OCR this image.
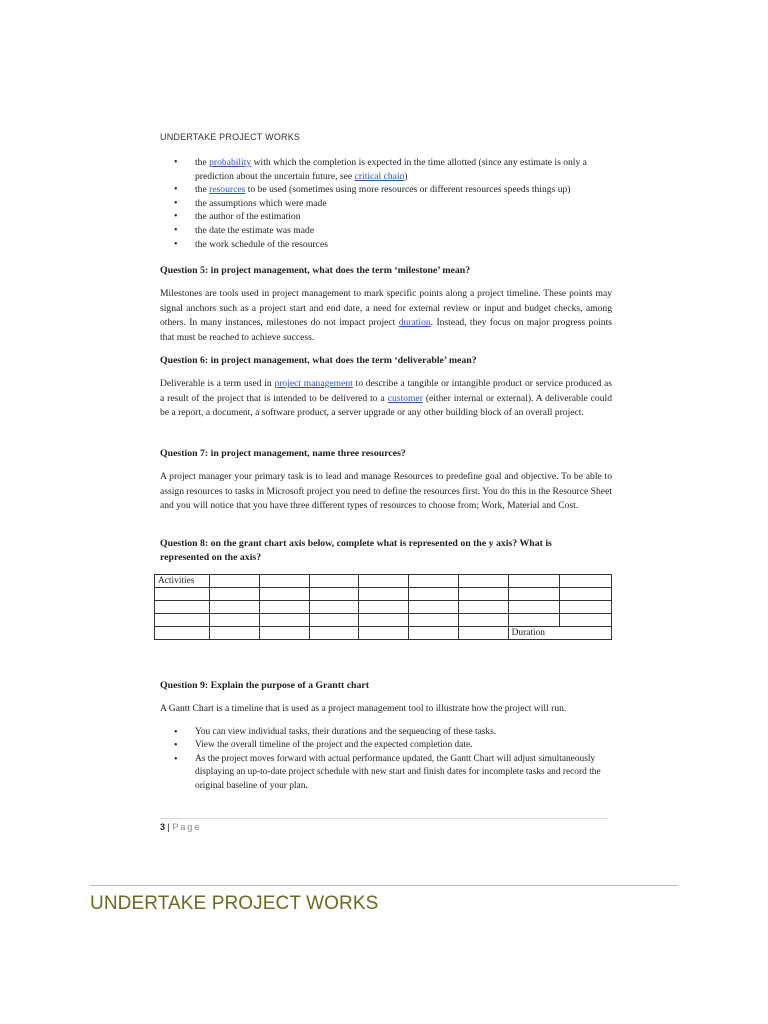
UNDERTAKE PROJECT WORKS
• the probability with which the completion is expected in the time allotted (since any estimate is only a prediction about the uncertain future, see critical chain)
• the resources to be used (sometimes using more resources or different resources speeds things up)
• the assumptions which were made
• the author of the estimation
• the date the estimate was made
• the work schedule of the resources
Question 5: in project management, what does the term ‘milestone’ mean?
Milestones are tools used in project management to mark specific points along a project timeline. These points may signal anchors such as a project start and end date, a need for external review or input and budget checks, among others. In many instances, milestones do not impact project duration. Instead, they focus on major progress points that must be reached to achieve success.
Question 6: in project management, what does the term ‘deliverable’ mean?
Deliverable is a term used in project management to describe a tangible or intangible product or service produced as a result of the project that is intended to be delivered to a customer (either internal or external). A deliverable could be a report, a document, a software product, a server upgrade or any other building block of an overall project.
Question 7: in project management, name three resources?
A project manager your primary task is to lead and manage Resources to predefine goal and objective. To be able to assign resources to tasks in Microsoft project you need to define the resources first. You do this in the Resource Sheet and you will notice that you have three different types of resources to choose from; Work, Material and Cost.
Question 8: on the grant chart axis below, complete what is represented on the y axis? What is represented on the axis?
Activities								

							Duration	
Question 9: Explain the purpose of a Grantt chart
A Gantt Chart is a timeline that is used as a project management tool to illustrate how the project will run.
• You can view individual tasks, their durations and the sequencing of these tasks.
• View the overall timeline of the project and the expected completion date.
• As the project moves forward with actual performance updated, the Gantt Chart will adjust simultaneously displaying an up-to-date project schedule with new start and finish dates for incomplete tasks and record the original baseline of your plan.
3 | Page
UNDERTAKE PROJECT WORKS
